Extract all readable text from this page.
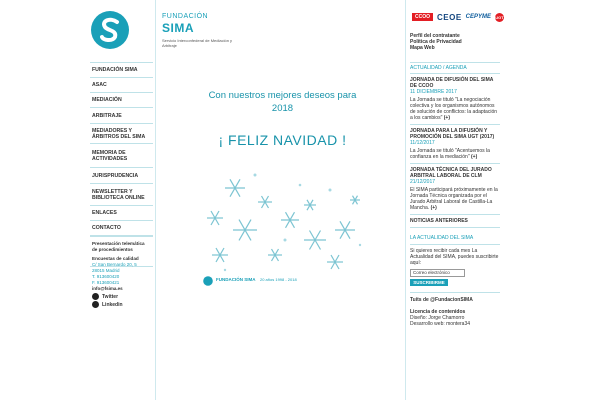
FUNDACIÓN
SIMA
Servicio Interconfederal de Mediación y Arbitraje
FUNDACIÓN SIMA
ASAC
MEDIACIÓN
ARBITRAJE
MEDIADORES Y ÁRBITROS DEL SIMA
MEMORIA DE ACTIVIDADES
JURISPRUDENCIA
NEWSLETTER Y BIBLIOTECA ONLINE
ENLACES
CONTACTO
Presentación telemática de procedimientos
Encuestas de calidad
C/ San Bernardo 20, 5
28015 Madrid
T. 913600420
F. 913600421
info@fsima.es
Twitter
Linkedin
Con nuestros mejores deseos para
2018
¡ FELIZ NAVIDAD !
FUNDACIÓN SIMA 20 años 1998 - 2018
CCOO CEOE CEPYME UGT
Perfil del contratante
Política de Privacidad
Mapa Web
ACTUALIDAD / AGENDA
JORNADA DE DIFUSIÓN DEL SIMA DE CCOO
11 DICIEMBRE 2017
La Jornada se tituló "La negociación colectiva y los organismos autónomos de solución de conflictos: la adaptación a los cambios" (+)
JORNADA PARA LA DIFUSIÓN Y PROMOCIÓN DEL SIMA UGT (2017)
11/12/2017
La Jornada se tituló "Acentuemos la confianza en la mediación" (+)
JORNADA TÉCNICA DEL JURADO ARBITRAL LABORAL DE CLM
21/12/2017
El SIMA participará próximamente en la Jornada Técnica organizada por el Jurado Arbitral Laboral de Castilla-La Mancha. (+)
NOTICIAS ANTERIORES
LA ACTUALIDAD DEL SIMA
Si quieres recibir cada mes La Actualidad del SIMA, puedes suscribirte aquí:
Correo electrónico
SUSCRIBIRME
Tuits de @FundacionSIMA
Licencia de contenidos
Diseño: Jorge Chamorro
Desarrollo web: montera34
